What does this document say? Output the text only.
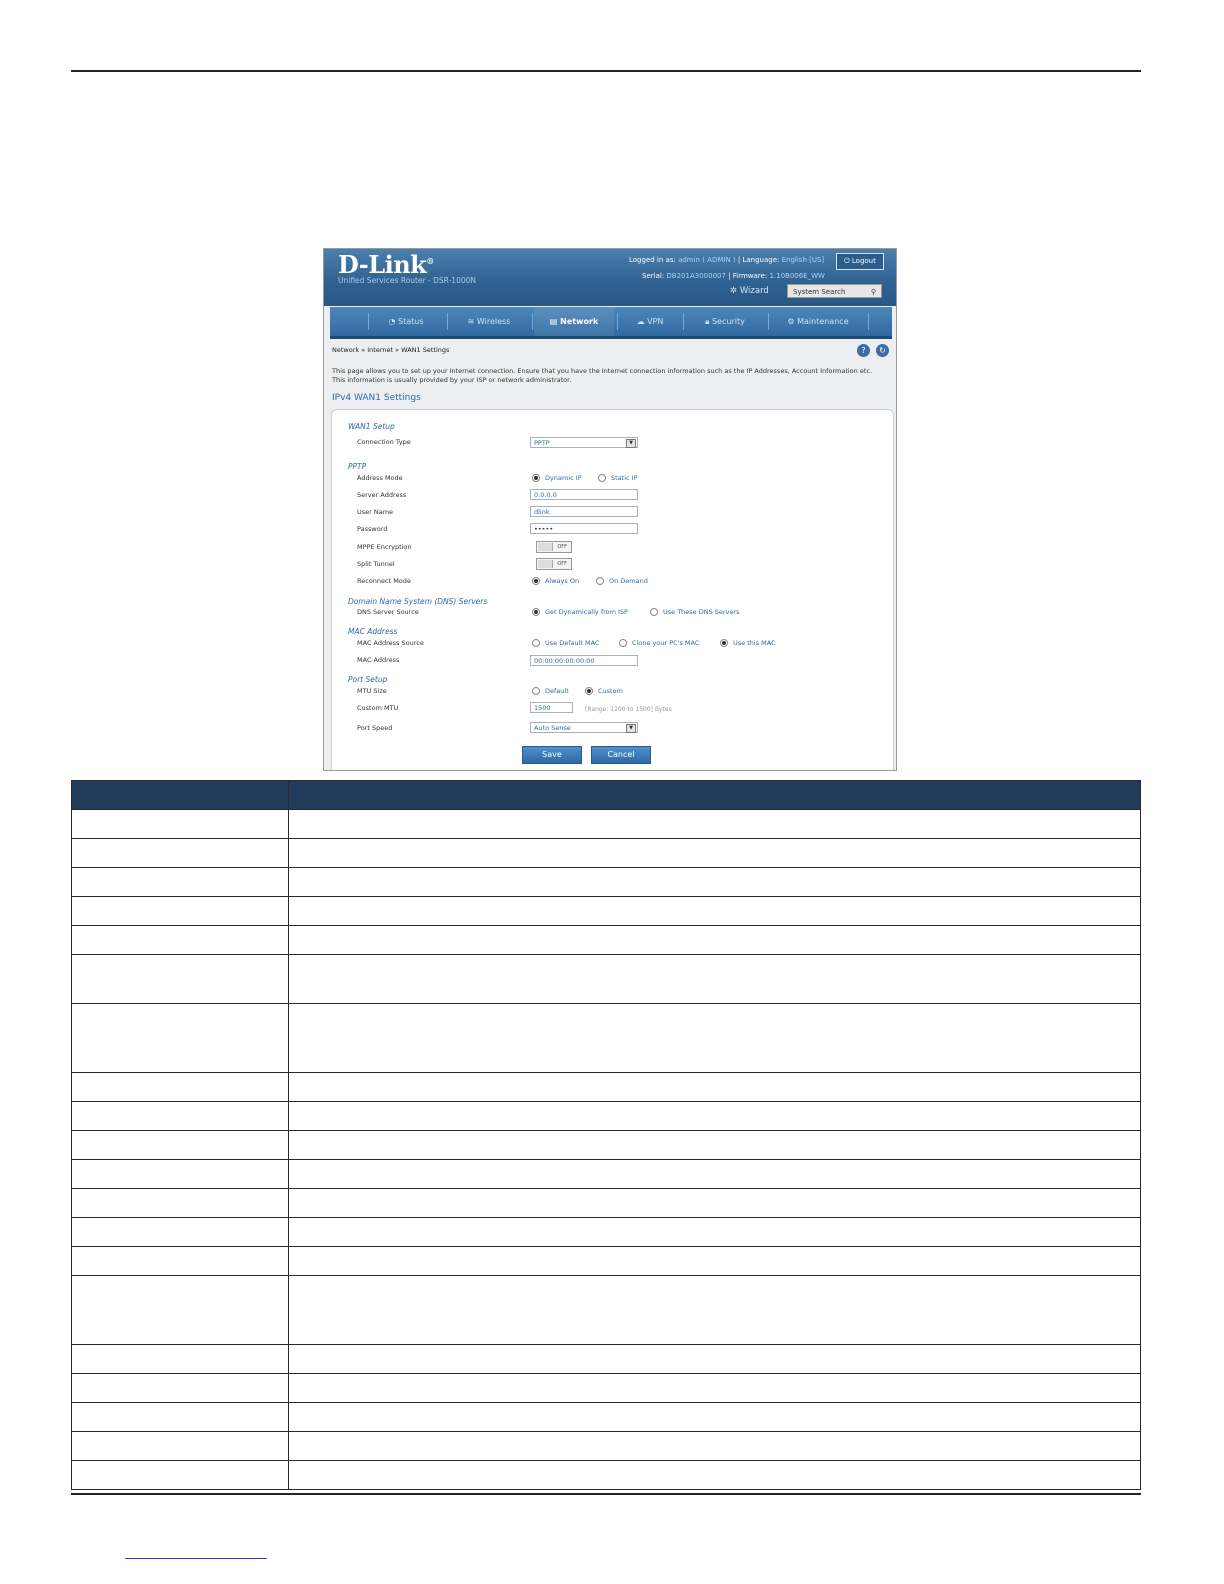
D-Link®
Unified Services Router - DSR-1000N
Logged in as: admin ( ADMIN ) | Language: English [US]	⏻ Logout
Serial: DB201A3000007 | Firmware: 1.10B006E_WW
✲ Wizard	System Search	⚲
◔ Status	≋ Wireless	▤ Network	☁ VPN	🔒︎ Security	⚙ Maintenance
Network » Internet » WAN1 Settings	?	↻
This page allows you to set up your Internet connection. Ensure that you have the Internet connection information such as the IP Addresses, Account Information etc. This information is usually provided by your ISP or network administrator.
IPv4 WAN1 Settings
WAN1 Setup
Connection Type	PPTP	▼
PPTP
Address Mode	Dynamic IP	Static IP
Server Address	0.0.0.0
User Name	dlink
Password	•••••
MPPE Encryption	OFF
Split Tunnel	OFF
Reconnect Mode	Always On	On Demand
Domain Name System (DNS) Servers
DNS Server Source	Get Dynamically from ISP	Use These DNS Servers
MAC Address
MAC Address Source	Use Default MAC	Clone your PC's MAC	Use this MAC
MAC Address	00:00:00:00:00:00
Port Setup
MTU Size	Default	Custom
Custom MTU	1500	[Range: 1200 to 1500] Bytes
Port Speed	Auto Sense	▼
Save	Cancel
